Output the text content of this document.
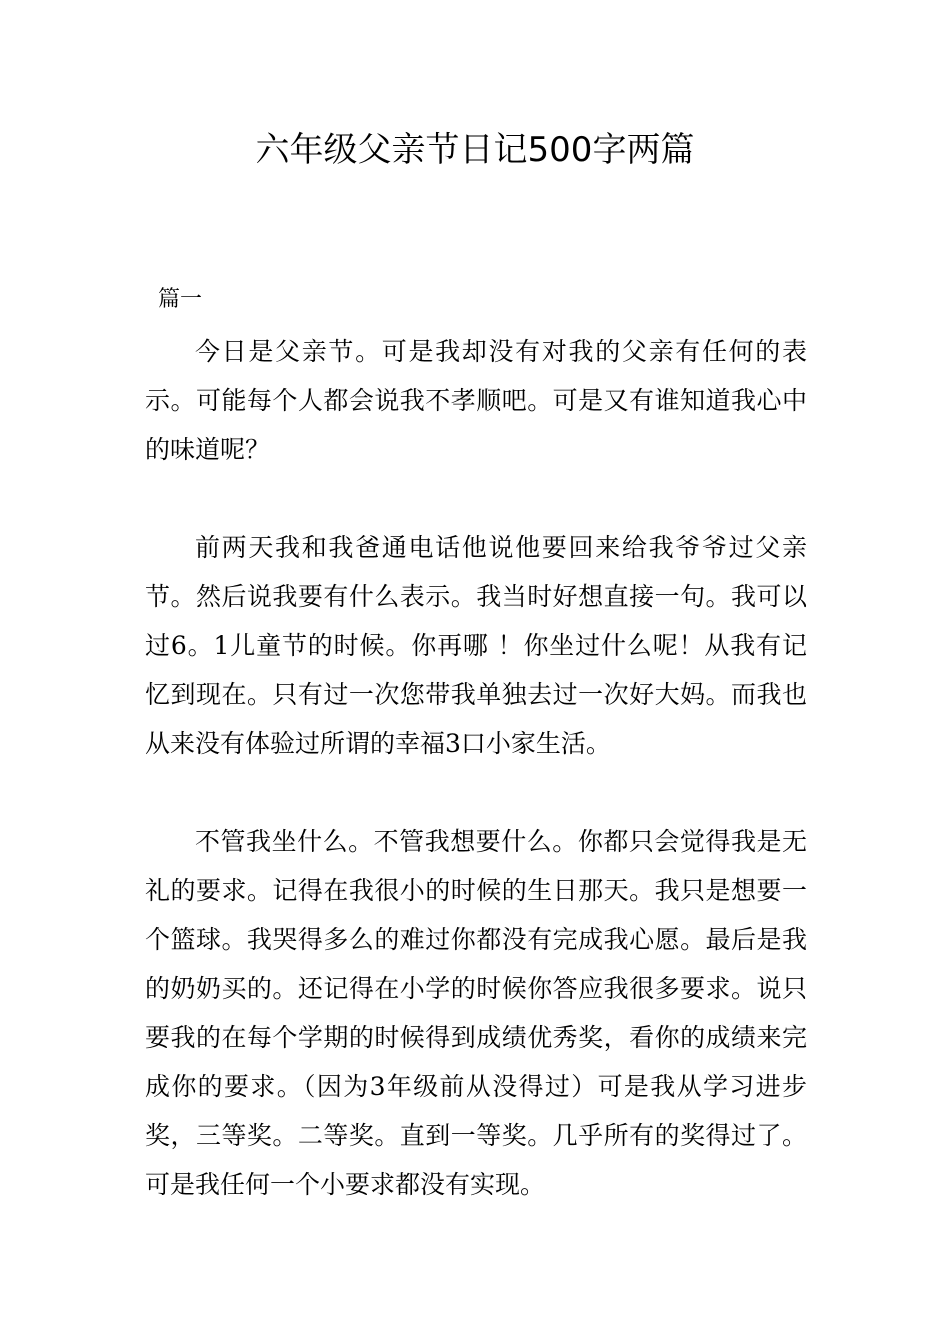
六年级父亲节日记500字两篇
篇一

今日是父亲节。可是我却没有对我的父亲有任何的表示。可能每个人都会说我不孝顺吧。可是又有谁知道我心中的味道呢？

前两天我和我爸通电话他说他要回来给我爷爷过父亲节。然后说我要有什么表示。我当时好想直接一句。我可以过6。1儿童节的时候。你再哪 ！你坐过什么呢！从我有记忆到现在。只有过一次您带我单独去过一次好大妈。而我也从来没有体验过所谓的幸福3口小家生活。

不管我坐什么。不管我想要什么。你都只会觉得我是无礼的要求。记得在我很小的时候的生日那天。我只是想要一个篮球。我哭得多么的难过你都没有完成我心愿。最后是我的奶奶买的。还记得在小学的时候你答应我很多要求。说只要我的在每个学期的时候得到成绩优秀奖，看你的成绩来完成你的要求。（因为3年级前从没得过）可是我从学习进步奖，三等奖。二等奖。直到一等奖。几乎所有的奖得过了。可是我任何一个小要求都没有实现。
